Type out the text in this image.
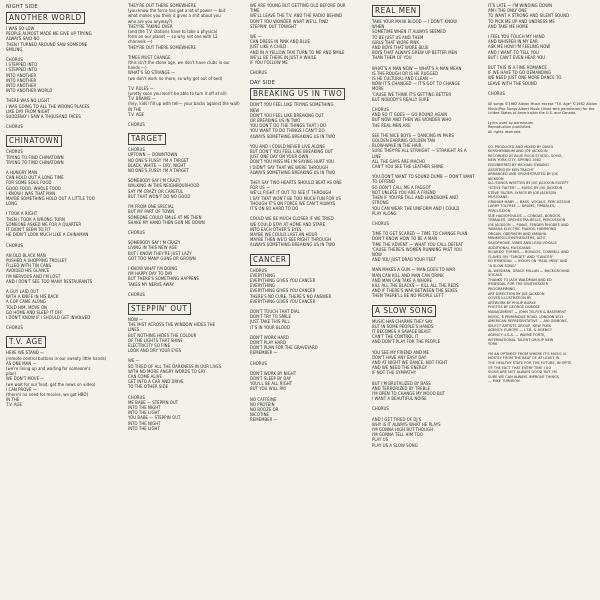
NIGHT SIDE
ANOTHER WORLD
I WAS SO LOW
PEOPLE ALMOST MADE ME GIVE UP TRYING
ALWAYS SAID NO
THEN I TURNED AROUND SAW SOMEONE
SMILING
CHORUS
I STEPPED INTO
I STEPPED INTO
INTO ANOTHER
INTO ANOTHER
INTO ANOTHER
INTO ANOTHER WORLD
THERE WAS NO LIGHT
I WAS GOING TO ALL THE WRONG PLACES
LIKE DAY FROM NIGHT
SUDDENLY I SAW A THOUSAND FACES
CHORUS
CHINATOWN
CHORUS
TRYING TO FIND CHINATOWN
TRYING TO FIND CHINATOWN
A HUNGRY MAN
CAN HOLD OUT A LONG TIME
FOR SOME SOUL FOOD
GOOD FOOD, WHOLE FOOD
I KNOW I WAS THAT MAN
MAYBE SOMETHING HOLD OUT A LITTLE TOO
LONG
I TOOK A RIGHT
THEN I TOOK A WRONG TURN
SOMEONE ASKED ME FOR A QUARTER
IT DIDN'T SEEM TO FIT
HE DIDN'T LOOK MUCH LIKE A CHINAMAN
CHORUS
AN OLD BLACK MAN
PUSHED A SHOPPING TROLLEY
FILLED WITH TIN CANS
AVOIDED HIS GLANCE
I'M NERVOUS AND I'M LOST
AND I DON'T SEE TOO MANY RESTAURANTS
A GUY LAID OUT
WITH A KNIFE IN HIS BACK
A COP CAME ALONG
TOLD HIM, MOVE ON
GO HOME AND SLEEP IT OFF
I DON'T KNOW IF I SHOULD GET INVOLVED
CHORUS
T.V. AGE
HERE WE STAND —
(remote control buttons in our sweaty little hands)
AS ONE MAN —
(we're lining up and waiting for someone's
plan)
WE DON'T MOVE —
(we wait for our food, get the news on video)
I CAN PROVE —
(there's no need for movies, we got HBO)
IN THE
T.V. AGE
THEY'RE OUT THERE SOMEWHERE
(you know the force has got a lot of power — but
what makes you think it gives a shit about you
who are you anyway?)
THEY'RE TAKING OVER
(and the T.V. stations have to take a physical
form on our planet — so why not one with 12
channels —)
THEY'RE OUT THERE SOMEWHERE
TIMES MUST CHANGE
(this isn't the stone age, we don't have clubs in our
hands —)
WHAT'S SO STRANGE —
(we don't work no more, so why get out of bed)
T.V. RULES —
(pretty soon you won't be able to turn it off at all)
T.V. BRAINS —
(hey, kids! fill up with tell— your backs against the wall)
IN THE
T.V. AGE
CHORUS
TARGET
CHORUS
UPTOWN — DOWNTOWN
NO ONE'S FUSSY I'M A TARGET
BLACK, WHITE — DAY, NIGHT
NO ONE'S FUSSY I'M A TARGET
SOMEBODY SAY I'M CRAZY
WALKING IN THIS NEIGHBOURHOOD
SAY I'M CRAZY OR CAREFUL
BUT THAT WON'T DO NO GOOD
I'M FROM ONE SPECIAL
BUT MY PART OF TOWN
SOMEONE COULD SMILE AT ME THEN
SHAKE MY HAND THEN GUN ME DOWN
CHORUS
SOMEBODY SAY I'M CRAZY
LIVING IN THIS NEW AGE
BUT I KNOW THEY'RE JUST LAZY
GOT TOO MANY GUNS OR GROWN
I KNOW WHAT I'M DOING
I'M HAPPY DAY TO DAY
BUT THERE'S SOMETHING HAPPENS
TAKES MY NERVE AWAY
CHORUS
STEPPIN' OUT
NOW —
THE MIST ACROSS THE WINDOW HIDES THE
LINES
BUT NOTHING HIDES THE COLOUR
OF THE LIGHTS THAT SHINE
ELECTRICITY SO FINE
LOOK AND DRY YOUR EYES
WE —
SO TIRED OF ALL THE DARKNESS IN OUR LIVES
WITH NO MORE ANGRY WORDS TO SAY
CAN COME ALIVE
GET INTO A CAR AND DRIVE
TO THE OTHER SIDE
CHORUS
ME BABE — STEPPIN OUT
INTO THE NIGHT
INTO THE LIGHT
YOU BABE — STEPPIN OUT
INTO THE NIGHT
INTO THE LIGHT
WE ARE YOUNG BUT GETTING OLD BEFORE OUR
TIME
WE'LL LEAVE THE T.V. AND THE RADIO BEHIND
DON'T YOU WONDER WHAT WE'LL FIND
STEPPIN' OUT TONIGHT
WE —
CAN DRESS IN PINK AND BLUE
JUST LIKE A CHILD
AND IN A YELLOW TAXI TURN TO ME AND SMILE
WE'LL BE THERE IN JUST A WHILE
IF YOU FOLLOW ME
CHORUS
DAY SIDE
BREAKING US IN TWO
DON'T YOU FEEL LIKE TRYING SOMETHING
NEW
DON'T YOU FEEL LIKE BREAKING OUT
OR BREAKING US IN TWO
YOU DON'T DO THE THINGS THAT I DO
YOU WANT TO DO THINGS I CAN'T DO
ALWAYS SOMETHING BREAKING US IN TWO
YOU AND I COULD NEVER LIVE ALONE
BUT DON'T YOU FEEL LIKE BREAKING OUT
JUST ONE DAY ON YOUR OWN
DON'T YOU MISS ME I'M SAYING HURT YOU
I DIDN'T SAY THAT WE WERE THROUGH
ALWAYS SOMETHING BREAKING US IN TWO
THEY SAY TWO HEARTS SHOULD BEAT AS ONE
FOR US —
WE'LL FIGHT IT OUT TO SEE IT THROUGH
I SAY THAT WON'T BE TOO MUCH FUN FOR US
THOUGH IT'S ON FORCE WE CAN'T ALWAYS
IT'S ON SO HARD TO DO
COULD WE BE MUCH CLOSER IF WE TRIED
WE COULD STAY AT HOME AND STARE
INTO EACH OTHER'S EYES
MAYBE WE COULD LAST AN HOUR
MAYBE THEN WE'D SEE RIGHT THROUGH
ALWAYS SOMETHING BREAKING US IN TWO
CANCER
CHORUS
EVERYTHING
EVERYTHING GIVES YOU CANCER
EVERYTHING
EVERYTHING GIVES YOU CANCER
THERE'S NO CURE, THERE'S NO ANSWER
EVERYTHING GIVES YOU CANCER
DON'T TOUCH THAT DIAL
DON'T TRY TO SMILE
JUST TAKE THIS PILL
IT'S IN YOUR BLOOD
DON'T WORK HARD
DON'T PLAY HARD
DON'T PLAN FOR THE GRAVEYARD
REMEMBER —
CHORUS
DON'T WORK BY NIGHT
DON'T SLEEP BY DAY
YOU'LL BE ALL RIGHT
BUT YOU WILL PAY
NO CAFFEINE
NO PROTEIN
NO BOOZE OR
NICOTINE
REMEMBER —
REAL MEN
TAKE YOUR MASK BLOOD — I DON'T KNOW
WHEN
SOMETIME WHEN IT ALWAYS SEEMED
TO BE JUST US AND THEM
GIRLS THAT WORE PINK
AND BOYS THAT WORE BLUE
BOYS THAT ALWAYS GREW UP BETTER MEN
THAN THEM OF YOU
WHAT'S A MAN NOW — WHAT'S A MAN MEAN
IS THE ROUGH OR IS HE RUGGED
IS HE CULTURAL AND CLEAN —
NOW IT'S CHANGED — IT'S GOT TO CHANGE
MORE
'CAUSE WE THINK IT'S GETTING BETTER
BUT NOBODY'S REALLY SURE
CHORUS
AND SO IT GOES — GO ROUND AGAIN
BUT NOW AND THEN WE WONDER WHO
THE REAL MEN ARE
SEE THE NICE BOYS — DANCING IN PAIRS
GOLDEN EARRING GOLDEN TAN
BLOW-WAVE IN THE HAIR
SURE THEY'RE ALL STRAIGHT — STRAIGHT AS A
LINE
ALL THE GAYS ARE MACHO
CAN'T YOU SEE THE LEATHER SHINE
YOU DON'T WANT TO SOUND DUMB — DON'T WANT
TO OFFEND
SO DON'T CALL ME A FAGGOT
NOT UNLESS YOU ARE A FRIEND
THEN IF YOU'RE TALL AND HANDSOME AND
STRONG
YOU CAN WEAR THE UNIFORM AND I COULD
PLAY ALONG
CHORUS
TIME TO GET SCARED — TIME TO CHANGE PLAN
DON'T KNOW HOW TO BE A MAN
TIME THE ADVENT — WHAT YOU CALL DEFEAT
'CAUSE THERE'S WOMEN RUNNING PAST YOU
NOW
AND YOU JUST DRAG YOUR FEET
MAN MAKES A GUN — MAN GOES TO WAR
MAN CAN KILL AND MAN CAN DRINK
AND MAN CAN TAKE A WHORE
KILL ALL THE BLACKS — KILL ALL THE REDS
AND IF THERE'S WAR BETWEEN THE SEXES
THEN THERE'LL BE NO PEOPLE LEFT
A SLOW SONG
MUSIC HAS CHARMS THEY SAY
BUT IN SOME PEOPLE'S HANDS
IT BECOMES A SAVAGE BEAST
CAN'T THE CONTROL IT
AND DON'T PLAY FOR THE PEOPLE
YOU SEE MY FRIEND AND ME
DON'T HAVE ANY EASY DAY
AND AT NIGHT WE DANCE, NOT FIGHT
AND WE NEED THE ENERGY
IF NOT THE SYMPATHY
BUT I'M BRUTALIZED BY BASS
AND TERRORIZED BY TREBLE
I'M OPEN TO CHANGE MY MOOD BUT
I WANT A BEAUTIFUL NOISE
CHORUS
AND I GET TIRED OF DJ'S
WHY IS IT ALWAYS WHAT HE PLAYS
I'M GONNA HIGH BUT THOUGH
I'M GONNA TELL HIM TOO
PLAY US
PLAY US A SLOW SONG
IT'S LATE — I'M WINDING DOWN
AM I THE ONLY ONE
TO WANT A STRONG AND SILENT SOUND
TO PICK ME UP AND UNDRESS ME
AND TAKE ME HOME
I FEEL YOU TOUCH MY HAND
AND WHISPER IN MY EAR
ASK ME HOW I'M FEELING NOW
AND I WANT TO TELL YOU
BUT I CAN'T EVEN HEAR YOU
BUT THIS IS A FINE ROMANCE
IF WE HAVE TO GO DEMANDING
WE NEED JUST ONE MORE DANCE TO
LEAVE WITH THE SOUND
CHORUS
All songs ©1982 Albion Music except "T.V. Age" ©1982 Albion
Music/Pop Songs Albert Music (Used with permission) for the
United States of America/for the U.S. and Canada.
Lyrics used by permission.
Reproduction prohibited.
All rights reserved.
CO-PRODUCED AND MIXED BY DAVID
KERSHENBAUM AND JOE JACKSON
RECORDED AT BLUE ROCK STUDIO, SOHO,
NEW YORK CITY, SPRING 1982
ENGINEERED BY MICHAEL EWASKO
ASSISTED BY KEN TRACHT
ARRANGED AND ORCHESTRATED BY JOE
JACKSON
ALL SONGS WRITTEN BY JOE JACKSON EXCEPT
"STEVE TALTER" — MUSIC BY JOE JACKSON
STEVE TALTER, LYRICS BY JOE JACKSON
MUSICIANS:
GRAHAM MABY — BASS, VOCALS, PERCUSSION
LARRY TOLFREE — DRUMS, TIMBALES,
PERCUSSION
SUE HADJOPOULOS — CONGAS, BONGOS,
TIMBALES, ORCHESTRA BELLS, PERCUSSION
JOE JACKSON — PIANO, FENDER RHODES AND
YAMAHA ELECTRIC PIANOS, HAMMOND
ORGAN, OBERHEIM AND YAMAHA
MINIMOOG SYNTHESIZERS, ALTO
SAXOPHONE, VIBES AND LEAD VOCALS
ADDITIONAL MUSICIANS:
RICARDO TORRES — BONGOS, COWBELL AND
CLAVES ON "TARGET" AND "CANCER"
ED RYNESDAL — VIOLIN ON "REAL MEN" AND
"A SLOW SONG"
AL WEISMAN, GRACE MILLAN — BACKGROUND
VOCALS
THANKS TO JACK WALDMAN AND ED
RYNESDAL FOR THE SYNTHESIZER
PROGRAMMING
ART DIRECTION BY JOE JACKSON
COVER ILLUSTRATION BY
ARTWORK BY PHILIP BURKE
PHOTOS BY GEORGE DUBOSE
MANAGEMENT — JOHN TELFER & BASEMENT
MUSIC, 6 PEMBRIDGE ROAD, LONDON W11
AMERICAN REPRESENTATIVE — ANI GIBBONS,
SELECT ARTISTS GROUP, NEW YORK
AGENCY: EUROPE — I.T.B. & AGENCY
AGENCY U.S.A. — WAYNE FORTE,
INTERNATIONAL TALENT GROUP NEW
YORK
I'M AN OPTIMIST FROM WHERE IT'S MUSIC IS
MOSTLY FROM THE BEAT OF AT LEAST IN
THE HEALTHY STATE FOR THE FUTURE, IN SPITE
OF THE FACT THAT EVERY TIME I GO
SIGNS ARE NOT ALWAYS GOOD BUT I'M
SURE WE CAN ALWAYS IMPROVE THINGS
— MIKE TURNSON
